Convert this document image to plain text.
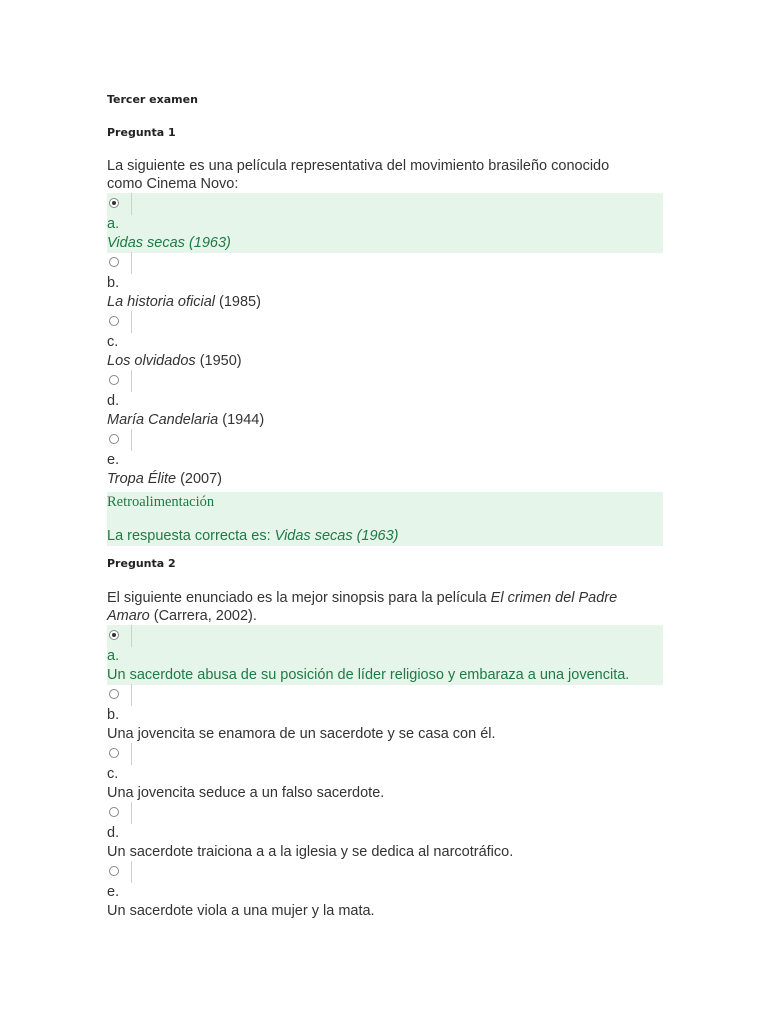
Tercer examen
Pregunta 1
La siguiente es una película representativa del movimiento brasileño conocido
como Cinema Novo:
a.
Vidas secas (1963)
b.
La historia oficial (1985)
c.
Los olvidados (1950)
d.
María Candelaria (1944)
e.
Tropa Élite (2007)
Retroalimentación
La respuesta correcta es: Vidas secas (1963)
Pregunta 2
El siguiente enunciado es la mejor sinopsis para la película El crimen del Padre
Amaro (Carrera, 2002).
a.
Un sacerdote abusa de su posición de líder religioso y embaraza a una jovencita.
b.
Una jovencita se enamora de un sacerdote y se casa con él.
c.
Una jovencita seduce a un falso sacerdote.
d.
Un sacerdote traiciona a a la iglesia y se dedica al narcotráfico.
e.
Un sacerdote viola a una mujer y la mata.
